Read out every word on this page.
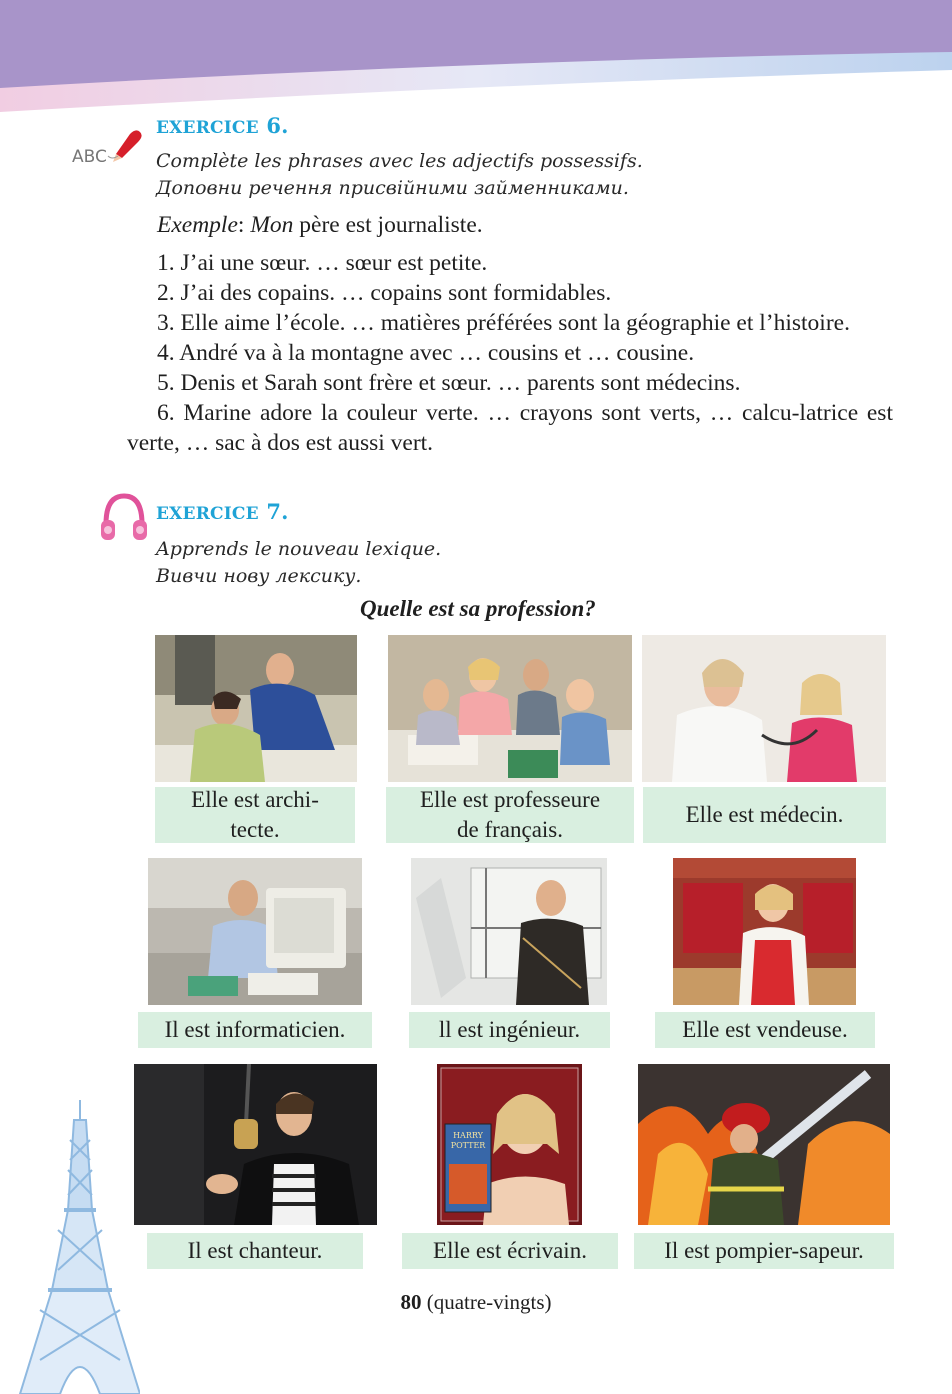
ABC
EXERCICE 6.
Complète les phrases avec les adjectifs possessifs.
Доповни речення присвійними займенниками.
Exemple: Mon père est journaliste.

1. J’ai une sœur. … sœur est petite.

2. J’ai des copains. … copains sont formidables.

3. Elle aime l’école. … matières préférées sont la géographie et l’histoire.

4. André va à la montagne avec … cousins et … cousine.

5. Denis et Sarah sont frère et sœur. … parents sont médecins.

6. Marine adore la couleur verte. … crayons sont verts, … calcu-latrice est verte, … sac à dos est aussi vert.

EXERCICE 7.
Apprends le nouveau lexique.
Вивчи нову лексику.
Quelle est sa profession?
Elle est archi-
tecte.
Elle est professeure
de français.
Elle est médecin.
Il est informaticien.	ll est ingénieur.	Elle est vendeuse.
HARRY
POTTER
Il est chanteur.	Elle est écrivain.	Il est pompier-sapeur.
80 (quatre-vingts)
